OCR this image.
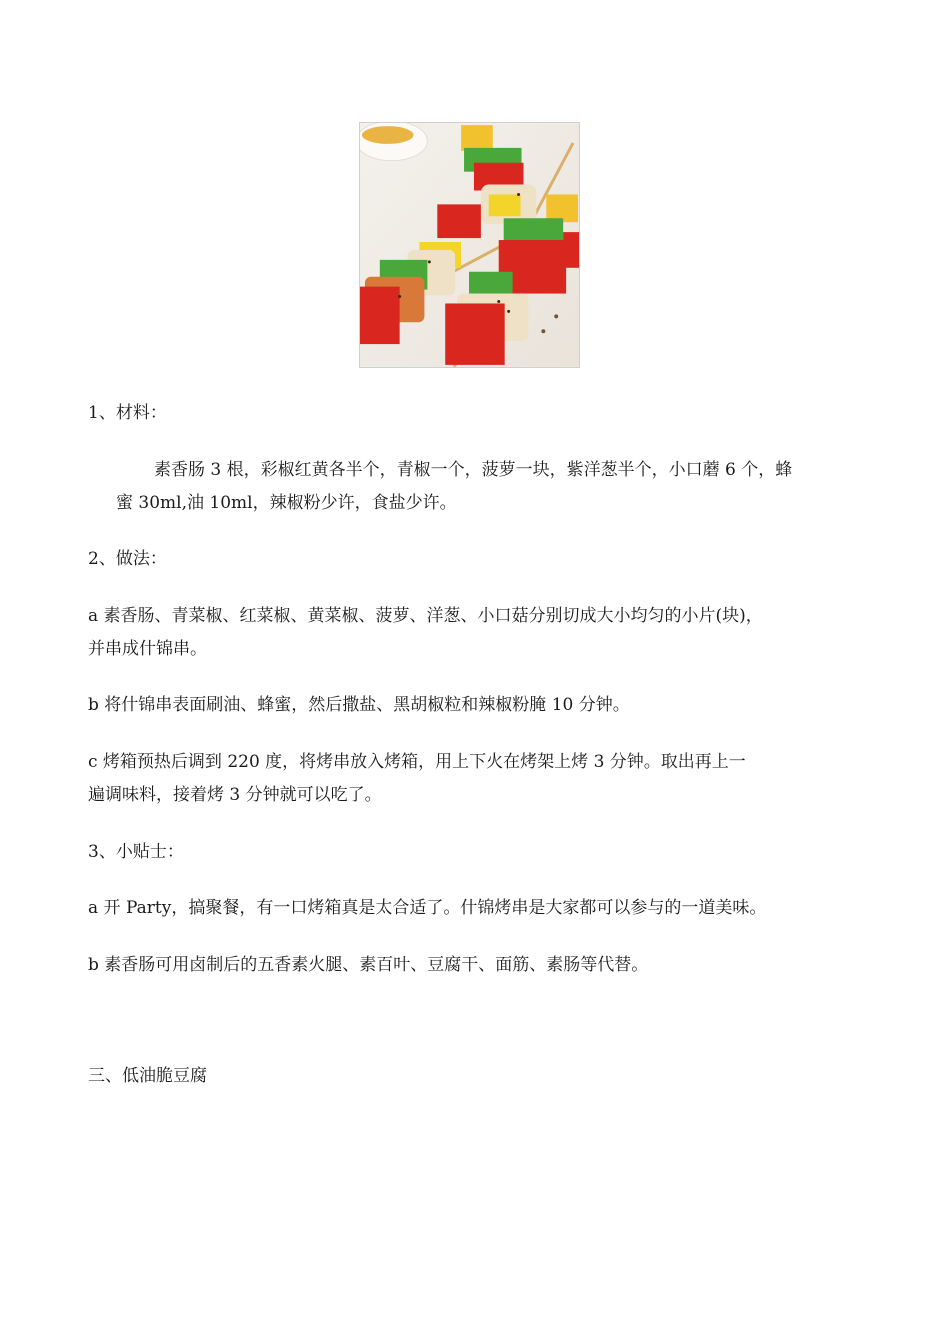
1、材料：
素香肠 3 根，彩椒红黄各半个，青椒一个，菠萝一块，紫洋葱半个，小口蘑 6 个，蜂
蜜 30ml,油 10ml，辣椒粉少许，食盐少许。
2、做法：
a 素香肠、青菜椒、红菜椒、黄菜椒、菠萝、洋葱、小口菇分别切成大小均匀的小片(块)，
并串成什锦串。
b 将什锦串表面刷油、蜂蜜，然后撒盐、黑胡椒粒和辣椒粉腌 10 分钟。
c 烤箱预热后调到 220 度，将烤串放入烤箱，用上下火在烤架上烤 3 分钟。取出再上一
遍调味料，接着烤 3 分钟就可以吃了。
3、小贴士：
a 开 Party，搞聚餐，有一口烤箱真是太合适了。什锦烤串是大家都可以参与的一道美味。
b 素香肠可用卤制后的五香素火腿、素百叶、豆腐干、面筋、素肠等代替。
三、低油脆豆腐
